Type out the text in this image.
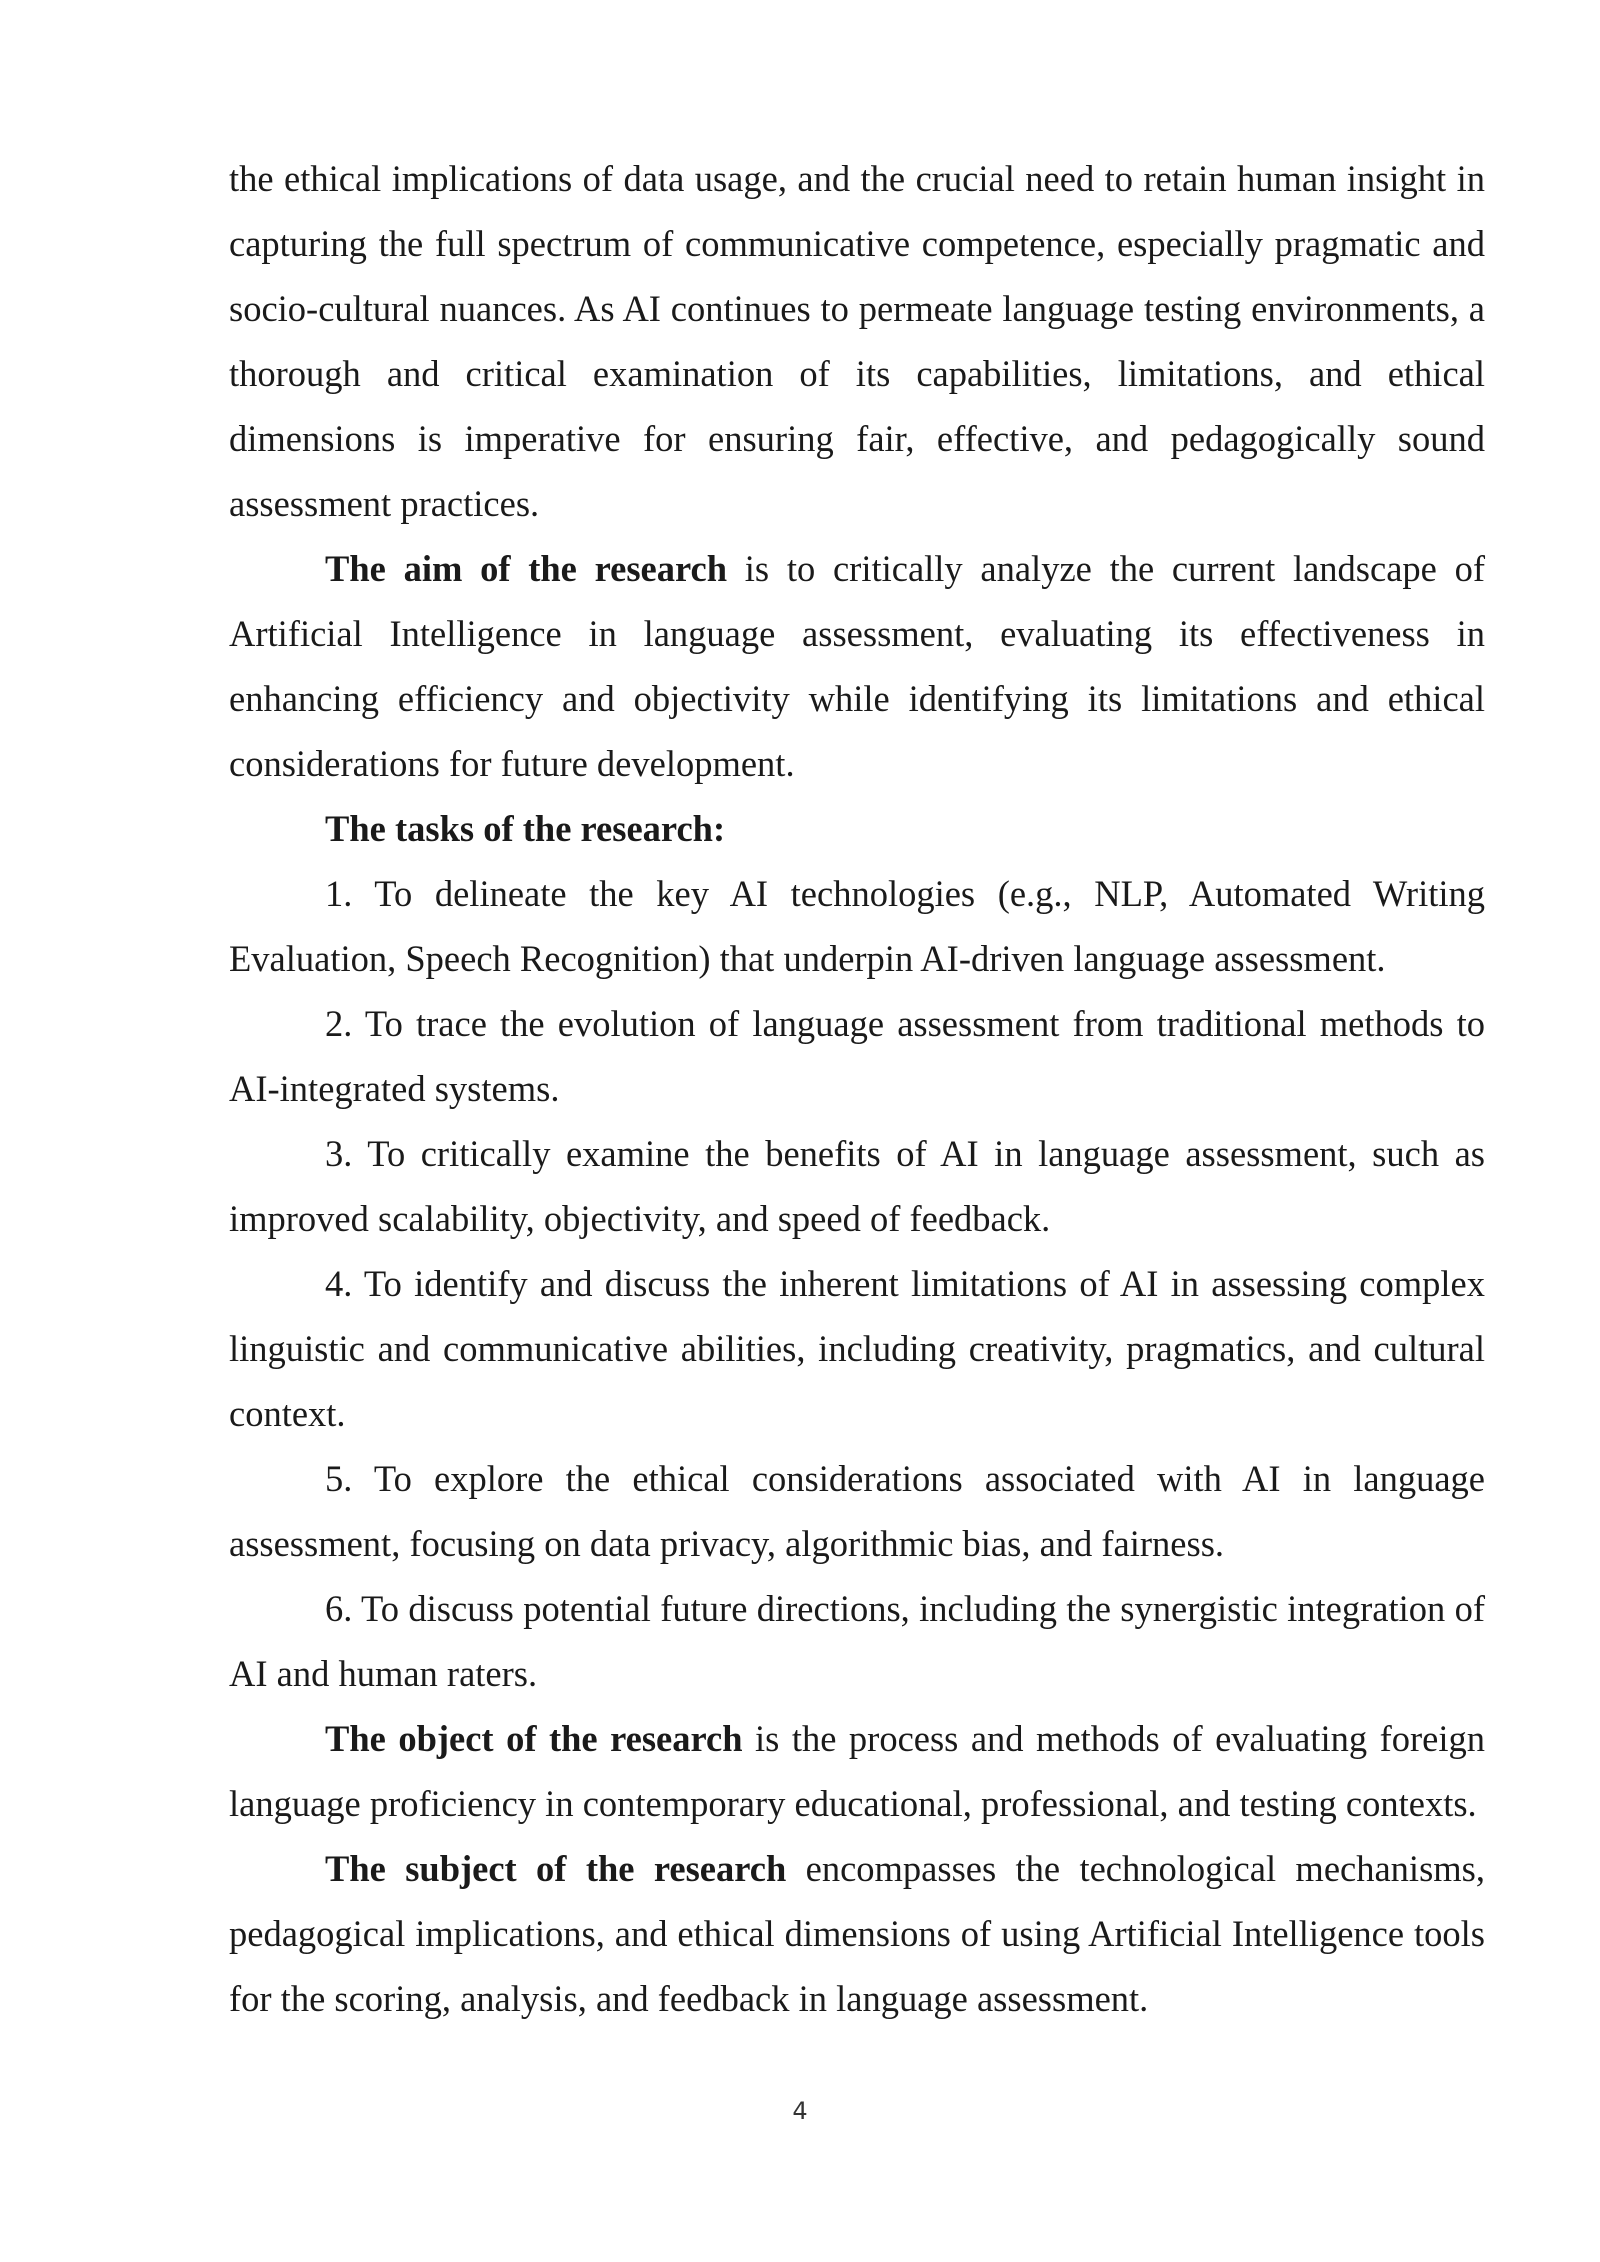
the ethical implications of data usage, and the crucial need to retain human insight in capturing the full spectrum of communicative competence, especially pragmatic and socio-cultural nuances. As AI continues to permeate language testing environments, a thorough and critical examination of its capabilities, limitations, and ethical dimensions is imperative for ensuring fair, effective, and pedagogically sound assessment practices.

The aim of the research is to critically analyze the current landscape of Artificial Intelligence in language assessment, evaluating its effectiveness in enhancing efficiency and objectivity while identifying its limitations and ethical considerations for future development.

The tasks of the research:

1. To delineate the key AI technologies (e.g., NLP, Automated Writing Evaluation, Speech Recognition) that underpin AI-driven language assessment.

2. To trace the evolution of language assessment from traditional methods to AI-integrated systems.

3. To critically examine the benefits of AI in language assessment, such as improved scalability, objectivity, and speed of feedback.

4. To identify and discuss the inherent limitations of AI in assessing complex linguistic and communicative abilities, including creativity, pragmatics, and cultural context.

5. To explore the ethical considerations associated with AI in language assessment, focusing on data privacy, algorithmic bias, and fairness.

6. To discuss potential future directions, including the synergistic integration of AI and human raters.

The object of the research is the process and methods of evaluating foreign language proficiency in contemporary educational, professional, and testing contexts.

The subject of the research encompasses the technological mechanisms, pedagogical implications, and ethical dimensions of using Artificial Intelligence tools for the scoring, analysis, and feedback in language assessment.

4
